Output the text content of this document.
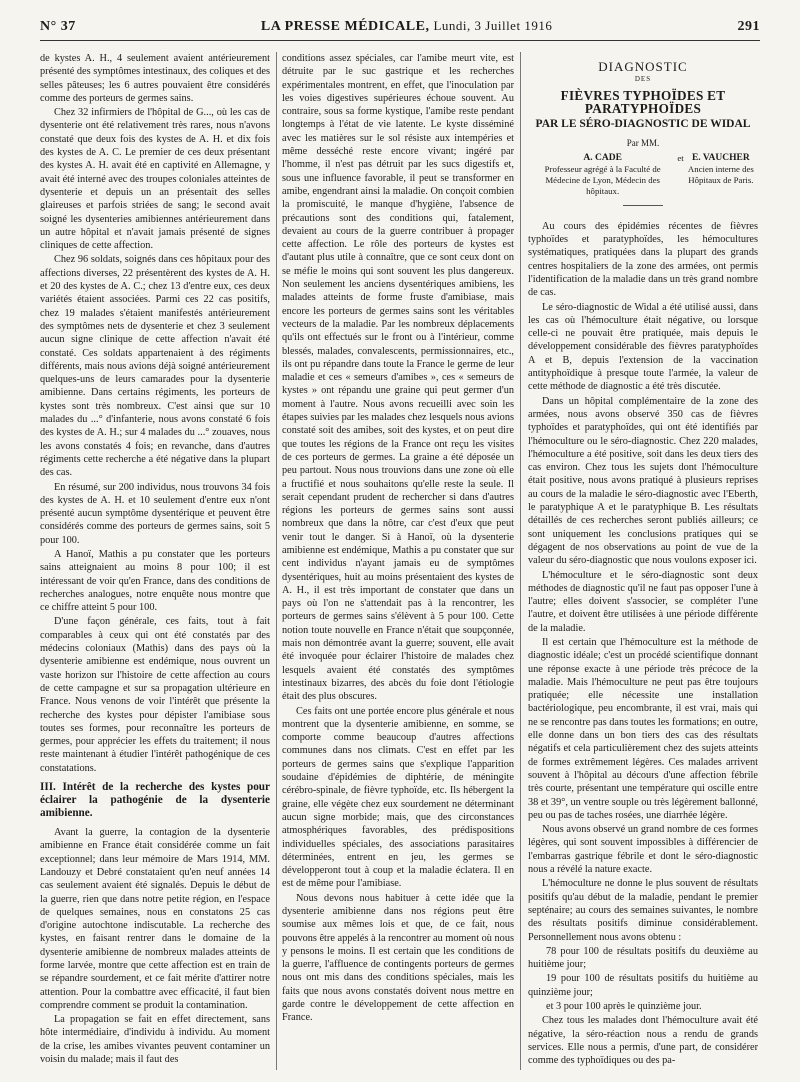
N° 37	LA PRESSE MÉDICALE, Lundi, 3 Juillet 1916	291

de kystes A. H., 4 seulement avaient antérieurement présenté des symptômes intestinaux, des coliques et des selles pâteuses; les 6 autres pouvaient être considérés comme des porteurs de germes sains.

Chez 32 infirmiers de l'hôpital de G..., où les cas de dysenterie ont été relativement très rares, nous n'avons constaté que deux fois des kystes de A. H. et dix fois des kystes de A. C. Le premier de ces deux présentant des kystes A. H. avait été en captivité en Allemagne, y avait été interné avec des troupes coloniales atteintes de dysenterie et depuis un an présentait des selles glaireuses et parfois striées de sang; le second avait soigné les dysenteries amibiennes antérieurement dans un autre hôpital et n'avait jamais présenté de signes cliniques de cette affection.

Chez 96 soldats, soignés dans ces hôpitaux pour des affections diverses, 22 présentèrent des kystes de A. H. et 20 des kystes de A. C.; chez 13 d'entre eux, ces deux variétés étaient associées. Parmi ces 22 cas positifs, chez 19 malades s'étaient manifestés antérieurement des symptômes nets de dysenterie et chez 3 seulement aucun signe clinique de cette affection n'avait été constaté. Ces soldats appartenaient à des régiments différents, mais nous avions déjà soigné antérieurement quelques-uns de leurs camarades pour la dysenterie amibienne. Dans certains régiments, les porteurs de kystes sont très nombreux. C'est ainsi que sur 10 malades du ...° d'infanterie, nous avons constaté 6 fois des kystes de A. H.; sur 4 malades du ...° zouaves, nous les avons constatés 4 fois; en revanche, dans d'autres régiments cette recherche a été négative dans la plupart des cas.

En résumé, sur 200 individus, nous trouvons 34 fois des kystes de A. H. et 10 seulement d'entre eux n'ont présenté aucun symptôme dysentérique et peuvent être considérés comme des porteurs de germes sains, soit 5 pour 100.

A Hanoï, Mathis a pu constater que les porteurs sains atteignaient au moins 8 pour 100; il est intéressant de voir qu'en France, dans des conditions de recherches analogues, notre enquête nous montre que ce chiffre atteint 5 pour 100.

D'une façon générale, ces faits, tout à fait comparables à ceux qui ont été constatés par des médecins coloniaux (Mathis) dans des pays où la dysenterie amibienne est endémique, nous ouvrent un vaste horizon sur l'histoire de cette affection au cours de cette campagne et sur sa propagation ultérieure en France. Nous venons de voir l'intérêt que présente la recherche des kystes pour dépister l'amibiase sous toutes ses formes, pour reconnaître les porteurs de germes, pour apprécier les effets du traitement; il nous reste maintenant à étudier l'intérêt pathogénique de ces constatations.

III. Intérêt de la recherche des kystes pour éclairer la pathogénie de la dysenterie amibienne.

Avant la guerre, la contagion de la dysenterie amibienne en France était considérée comme un fait exceptionnel; dans leur mémoire de Mars 1914, MM. Landouzy et Debré constataient qu'en neuf années 14 cas seulement avaient été signalés. Depuis le début de la guerre, rien que dans notre petite région, en l'espace de quelques semaines, nous en constatons 25 cas d'origine autochtone indiscutable. La recherche des kystes, en faisant rentrer dans le domaine de la dysenterie amibienne de nombreux malades atteints de forme larvée, montre que cette affection est en train de se répandre sourdement, et ce fait mérite d'attirer notre attention. Pour la combattre avec efficacité, il faut bien comprendre comment se produit la contamination.

La propagation se fait en effet directement, sans hôte intermédiaire, d'individu à individu. Au moment de la crise, les amibes vivantes peuvent contaminer un voisin du malade; mais il faut des

conditions assez spéciales, car l'amibe meurt vite, est détruite par le suc gastrique et les recherches expérimentales montrent, en effet, que l'inoculation par les voies digestives supérieures échoue souvent. Au contraire, sous sa forme kystique, l'amibe reste pendant longtemps à l'état de vie latente. Le kyste disséminé avec les matières sur le sol résiste aux intempéries et même desséché reste encore vivant; ingéré par l'homme, il n'est pas détruit par les sucs digestifs et, sous une influence favorable, il peut se transformer en amibe, engendrant ainsi la maladie. On conçoit combien la promiscuité, le manque d'hygiène, l'absence de précautions sont des conditions qui, fatalement, devaient au cours de la guerre contribuer à propager cette affection. Le rôle des porteurs de kystes est d'autant plus utile à connaître, que ce sont ceux dont on se méfie le moins qui sont souvent les plus dangereux. Non seulement les anciens dysentériques amibiens, les malades atteints de forme fruste d'amibiase, mais encore les porteurs de germes sains sont les véritables vecteurs de la maladie. Par les nombreux déplacements qu'ils ont effectués sur le front ou à l'intérieur, comme blessés, malades, convalescents, permissionnaires, etc., ils ont pu répandre dans toute la France le germe de leur maladie et ces « semeurs d'amibes », ces « semeurs de kystes » ont répandu une graine qui peut germer d'un moment à l'autre. Nous avons recueilli avec soin les étapes suivies par les malades chez lesquels nous avions constaté soit des amibes, soit des kystes, et on peut dire que toutes les régions de la France ont reçu les visites de ces porteurs de germes. La graine a été déposée un peu partout. Nous nous trouvions dans une zone où elle a fructifié et nous souhaitons qu'elle reste la seule. Il serait cependant prudent de rechercher si dans d'autres régions les porteurs de germes sains sont aussi nombreux que dans la nôtre, car c'est d'eux que peut venir tout le danger. Si à Hanoï, où la dysenterie amibienne est endémique, Mathis a pu constater que sur cent individus n'ayant jamais eu de symptômes dysentériques, huit au moins présentaient des kystes de A. H., il est très important de constater que dans un pays où l'on ne s'attendait pas à la rencontrer, les porteurs de germes sains s'élèvent à 5 pour 100. Cette notion toute nouvelle en France n'était que soupçonnée, mais non démontrée avant la guerre; souvent, elle avait été invoquée pour éclairer l'histoire de malades chez lesquels avaient été constatés des symptômes intestinaux bizarres, des abcès du foie dont l'étiologie était des plus obscures.

Ces faits ont une portée encore plus générale et nous montrent que la dysenterie amibienne, en somme, se comporte comme beaucoup d'autres affections communes dans nos climats. C'est en effet par les porteurs de germes sains que s'explique l'apparition soudaine d'épidémies de diphtérie, de méningite cérébro-spinale, de fièvre typhoïde, etc. Ils hébergent la graine, elle végète chez eux sourdement ne déterminant aucun signe morbide; mais, que des circonstances atmosphériques favorables, des prédispositions individuelles spéciales, des associations parasitaires déterminées, entrent en jeu, les germes se développeront tout à coup et la maladie éclatera. Il en est de même pour l'amibiase.

Nous devons nous habituer à cette idée que la dysenterie amibienne dans nos régions peut être soumise aux mêmes lois et que, de ce fait, nous pouvons être appelés à la rencontrer au moment où nous y pensons le moins. Il est certain que les conditions de la guerre, l'affluence de contingents porteurs de germes nous ont mis dans des conditions spéciales, mais les faits que nous avons constatés doivent nous mettre en garde contre le développement de cette affection en France.

DIAGNOSTIC
DES
FIÈVRES TYPHOÏDES ET PARATYPHOÏDES
PAR LE SÉRO-DIAGNOSTIC DE WIDAL
Par MM.
A. CADE
Professeur agrégé à la Faculté de Médecine de Lyon, Médecin des hôpitaux.
et E. VAUCHER
Ancien interne des Hôpitaux de Paris.

Au cours des épidémies récentes de fièvres typhoïdes et paratyphoïdes, les hémocultures systématiques, pratiquées dans la plupart des grands centres hospitaliers de la zone des armées, ont permis l'identification de la maladie dans un très grand nombre de cas.

Le séro-diagnostic de Widal a été utilisé aussi, dans les cas où l'hémoculture était négative, ou lorsque celle-ci ne pouvait être pratiquée, mais depuis le développement considérable des fièvres paratyphoïdes A et B, depuis l'extension de la vaccination antityphoïdique à presque toute l'armée, la valeur de cette méthode de diagnostic a été très discutée.

Dans un hôpital complémentaire de la zone des armées, nous avons observé 350 cas de fièvres typhoïdes et paratyphoïdes, qui ont été identifiés par l'hémoculture ou le séro-diagnostic. Chez 220 malades, l'hémoculture a été positive, soit dans les deux tiers des cas environ. Chez tous les sujets dont l'hémoculture était positive, nous avons pratiqué à plusieurs reprises au cours de la maladie le séro-diagnostic avec l'Eberth, le paratyphique A et le paratyphique B. Les résultats détaillés de ces recherches seront publiés ailleurs; ce sont uniquement les conclusions pratiques qui se dégagent de nos observations au point de vue de la valeur du séro-diagnostic que nous voulons exposer ici.

L'hémoculture et le séro-diagnostic sont deux méthodes de diagnostic qu'il ne faut pas opposer l'une à l'autre; elles doivent s'associer, se compléter l'une l'autre, et doivent être utilisées à une période différente de la maladie.

Il est certain que l'hémoculture est la méthode de diagnostic idéale; c'est un procédé scientifique donnant une réponse exacte à une période très précoce de la maladie. Mais l'hémoculture ne peut pas être toujours pratiquée; elle nécessite une installation bactériologique, peu encombrante, il est vrai, mais qui ne se rencontre pas dans toutes les formations; en outre, elle donne dans un bon tiers des cas des résultats négatifs et cela particulièrement chez des sujets atteints de formes extrêmement légères. Ces malades arrivent souvent à l'hôpital au décours d'une affection fébrile très courte, présentant une température qui oscille entre 38 et 39°, un ventre souple ou très légèrement ballonné, peu ou pas de taches rosées, une diarrhée légère.

Nous avons observé un grand nombre de ces formes légères, qui sont souvent impossibles à différencier de l'embarras gastrique fébrile et dont le séro-diagnostic nous a révélé la nature exacte.

L'hémoculture ne donne le plus souvent de résultats positifs qu'au début de la maladie, pendant le premier septénaire; au cours des semaines suivantes, le nombre des résultats positifs diminue considérablement. Personnellement nous avons obtenu :

78 pour 100 de résultats positifs du deuxième au huitième jour;

19 pour 100 de résultats positifs du huitième au quinzième jour;

et 3 pour 100 après le quinzième jour.

Chez tous les malades dont l'hémoculture avait été négative, la séro-réaction nous a rendu de grands services. Elle nous a permis, d'une part, de considérer comme des typhoïdiques ou des pa-
